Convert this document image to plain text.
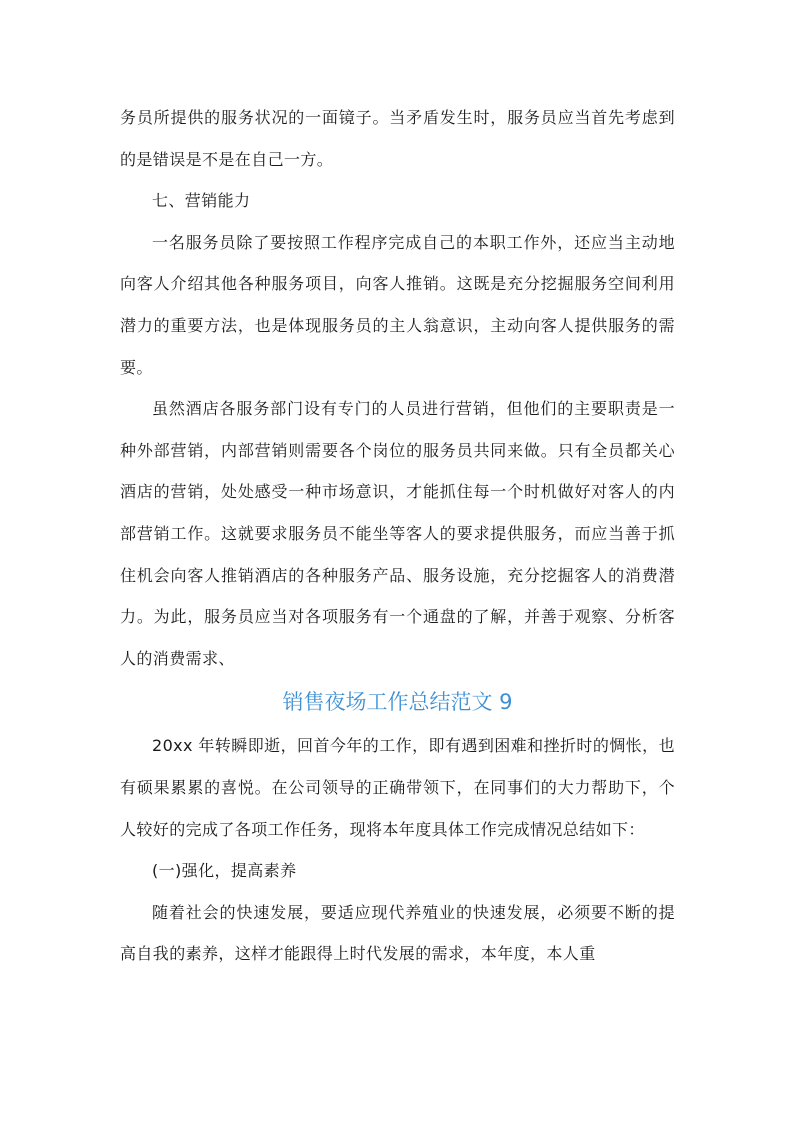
务员所提供的服务状况的一面镜子。当矛盾发生时，服务员应当首先考虑到的是错误是不是在自己一方。

七、营销能力

一名服务员除了要按照工作程序完成自己的本职工作外，还应当主动地向客人介绍其他各种服务项目，向客人推销。这既是充分挖掘服务空间利用潜力的重要方法，也是体现服务员的主人翁意识，主动向客人提供服务的需要。

虽然酒店各服务部门设有专门的人员进行营销，但他们的主要职责是一种外部营销，内部营销则需要各个岗位的服务员共同来做。只有全员都关心酒店的营销，处处感受一种市场意识，才能抓住每一个时机做好对客人的内部营销工作。这就要求服务员不能坐等客人的要求提供服务，而应当善于抓住机会向客人推销酒店的各种服务产品、服务设施，充分挖掘客人的消费潜力。为此，服务员应当对各项服务有一个通盘的了解，并善于观察、分析客人的消费需求、

销售夜场工作总结范文 9

20xx 年转瞬即逝，回首今年的工作，即有遇到困难和挫折时的惆怅，也有硕果累累的喜悦。在公司领导的正确带领下，在同事们的大力帮助下，个人较好的完成了各项工作任务，现将本年度具体工作完成情况总结如下：

(一)强化，提高素养

随着社会的快速发展，要适应现代养殖业的快速发展，必须要不断的提高自我的素养，这样才能跟得上时代发展的需求，本年度，本人重
